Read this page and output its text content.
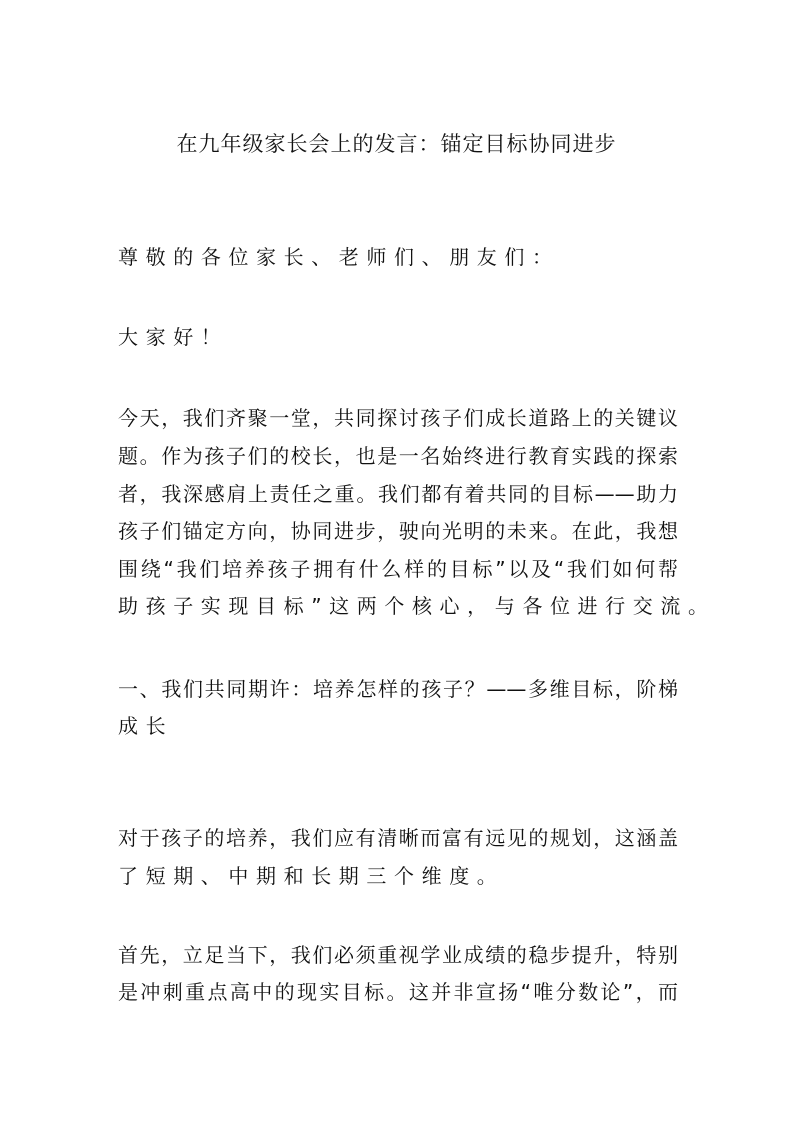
在九年级家长会上的发言：锚定目标协同进步
尊敬的各位家长、老师们、朋友们：
大家好！
今天，我们齐聚一堂，共同探讨孩子们成长道路上的关键议
题。作为孩子们的校长，也是一名始终进行教育实践的探索
者，我深感肩上责任之重。我们都有着共同的目标——助力
孩子们锚定方向，协同进步，驶向光明的未来。在此，我想
围绕“我们培养孩子拥有什么样的目标”以及“我们如何帮
助孩子实现目标”这两个核心，与各位进行交流。
一、我们共同期许：培养怎样的孩子？——多维目标，阶梯
成长
对于孩子的培养，我们应有清晰而富有远见的规划，这涵盖
了短期、中期和长期三个维度。
首先，立足当下，我们必须重视学业成绩的稳步提升，特别
是冲刺重点高中的现实目标。这并非宣扬“唯分数论”，而
